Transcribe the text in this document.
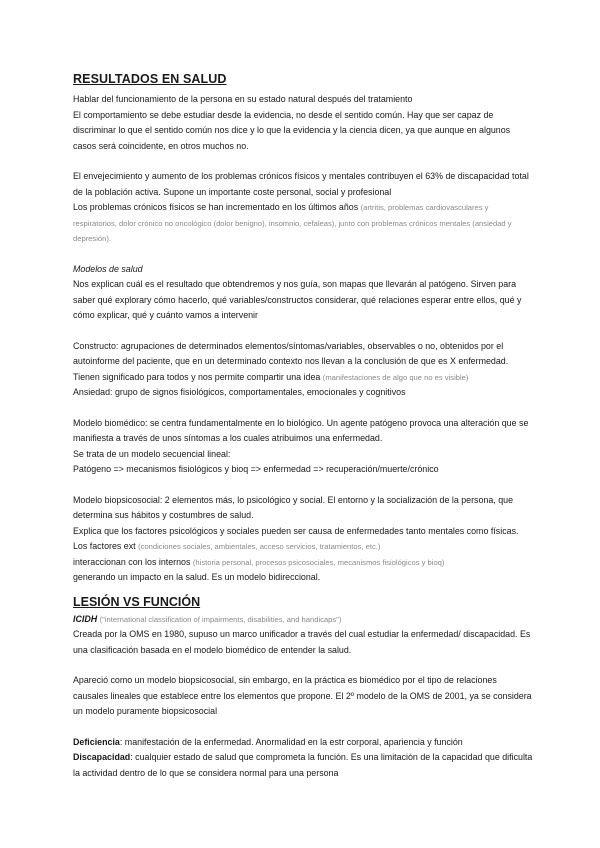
RESULTADOS EN SALUD

Hablar del funcionamiento de la persona en su estado natural después del tratamiento

El comportamiento se debe estudiar desde la evidencia, no desde el sentido común. Hay que ser capaz de discriminar lo que el sentido común nos dice y lo que la evidencia y la ciencia dicen, ya que aunque en algunos casos será coincidente, en otros muchos no.

El envejecimiento y aumento de los problemas crónicos físicos y mentales contribuyen el 63% de discapacidad total de la población activa. Supone un importante coste personal, social y profesional

Los problemas crónicos físicos se han incrementado en los últimos años (artritis, problemas cardiovasculares y respiratorios, dolor crónico no oncológico (dolor benigno), insomnio, cefaleas), junto con problemas crónicos mentales (ansiedad y depresión).

Modelos de salud

Nos explican cuál es el resultado que obtendremos y nos guía, son mapas que llevarán al patógeno. Sirven para saber qué explorary cómo hacerlo, qué variables/constructos considerar, qué relaciones esperar entre ellos, qué y cómo explicar, qué y cuánto vamos a intervenir

Constructo: agrupaciones de determinados elementos/síntomas/variables, observables o no, obtenidos por el autoinforme del paciente, que en un determinado contexto nos llevan a la conclusión de que es X enfermedad. Tienen significado para todos y nos permite compartir una idea (manifestaciones de algo que no es visible)

Ansiedad: grupo de signos fisiológicos, comportamentales, emocionales y cognitivos

Modelo biomédico: se centra fundamentalmente en lo biológico. Un agente patógeno provoca una alteración que se manifiesta a través de unos síntomas a los cuales atribuimos una enfermedad.

Se trata de un modelo secuencial lineal:

Patógeno => mecanismos fisiológicos y bioq => enfermedad => recuperación/muerte/crónico

Modelo biopsicosocial: 2 elementos más, lo psicológico y social. El entorno y la socialización de la persona, que determina sus hábitos y costumbres de salud.

Explica que los factores psicológicos y sociales pueden ser causa de enfermedades tanto mentales como físicas. Los factores ext (condiciones sociales, ambientales, acceso servicios, tratamientos, etc.)

interaccionan con los internos (historia personal, procesos psicosociales, mecanismos fisiológicos y bioq)

generando un impacto en la salud. Es un modelo bidireccional.

LESIÓN VS FUNCIÓN

ICIDH ("international classification of impairments, disabilities, and handicaps")

Creada por la OMS en 1980, supuso un marco unificador a través del cual estudiar la enfermedad/ discapacidad. Es una clasificación basada en el modelo biomédico de entender la salud.

Apareció como un modelo biopsicosocial, sin embargo, en la práctica es biomédico por el tipo de relaciones causales lineales que establece entre los elementos que propone. El 2º modelo de la OMS de 2001, ya se considera un modelo puramente biopsicosocial

Deficiencia: manifestación de la enfermedad. Anormalidad en la estr corporal, apariencia y función

Discapacidad: cualquier estado de salud que comprometa la función. Es una limitación de la capacidad que dificulta la actividad dentro de lo que se considera normal para una persona
